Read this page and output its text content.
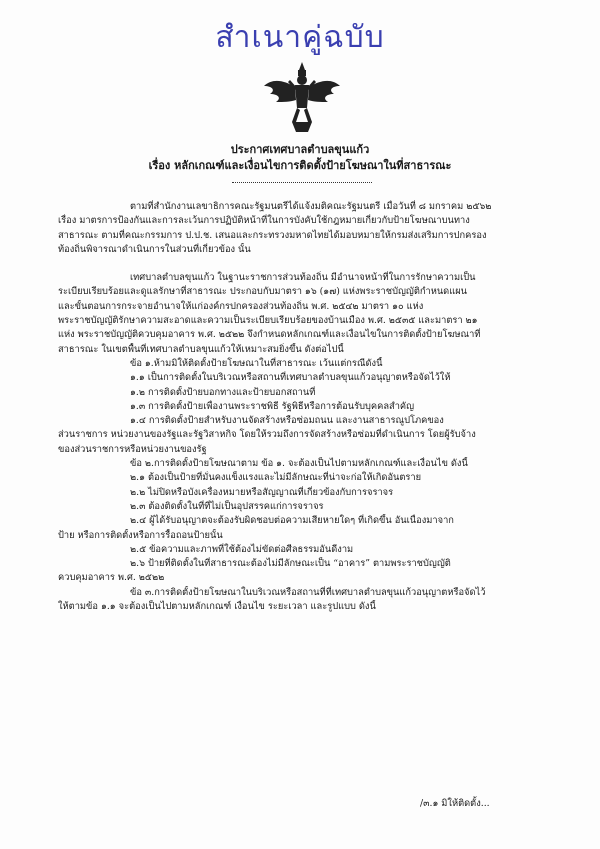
สำเนาคู่ฉบับ
ประกาศเทศบาลตำบลขุนแก้ว
เรื่อง หลักเกณฑ์และเงื่อนไขการติดตั้งป้ายโฆษณาในที่สาธารณะ

ตามที่สำนักงานเลขาธิการคณะรัฐมนตรีได้แจ้งมติคณะรัฐมนตรี เมื่อวันที่ ๘ มกราคม ๒๕๖๒

เรื่อง มาตรการป้องกันและการละเว้นการปฏิบัติหน้าที่ในการบังคับใช้กฎหมายเกี่ยวกับป้ายโฆษณาบนทาง

สาธารณะ ตามที่คณะกรรมการ ป.ป.ช. เสนอและกระทรวงมหาดไทยได้มอบหมายให้กรมส่งเสริมการปกครอง

ท้องถิ่นพิจารณาดำเนินการในส่วนที่เกี่ยวข้อง นั้น

เทศบาลตำบลขุนแก้ว ในฐานะราชการส่วนท้องถิ่น มีอำนาจหน้าที่ในการรักษาความเป็น

ระเบียบเรียบร้อยและดูแลรักษาที่สาธารณะ ประกอบกับมาตรา ๑๖ (๑๗) แห่งพระราชบัญญัติกำหนดแผน

และขั้นตอนการกระจายอำนาจให้แก่องค์กรปกครองส่วนท้องถิ่น พ.ศ. ๒๕๔๒ มาตรา ๑๐ แห่ง

พระราชบัญญัติรักษาความสะอาดและความเป็นระเบียบเรียบร้อยของบ้านเมือง พ.ศ. ๒๕๓๕ และมาตรา ๒๑

แห่ง พระราชบัญญัติควบคุมอาคาร พ.ศ. ๒๕๒๒ จึงกำหนดหลักเกณฑ์และเงื่อนไขในการติดตั้งป้ายโฆษณาที่

สาธารณะ ในเขตพื้นที่เทศบาลตำบลขุนแก้วให้เหมาะสมยิ่งขึ้น ดังต่อไปนี้

ข้อ ๑.ห้ามมิให้ติดตั้งป้ายโฆษณาในที่สาธารณะ เว้นแต่กรณีดังนี้

๑.๑ เป็นการติดตั้งในบริเวณหรือสถานที่เทศบาลตำบลขุนแก้วอนุญาตหรือจัดไว้ให้

๑.๒ การติดตั้งป้ายบอกทางและป้ายบอกสถานที่

๑.๓ การติดตั้งป้ายเพื่องานพระราชพิธี รัฐพิธีหรือการต้อนรับบุคคลสำคัญ

๑.๔ การติดตั้งป้ายสำหรับงานจัดสร้างหรือซ่อมถนน และงานสาธารณูปโภคของ

ส่วนราชการ หน่วยงานของรัฐและรัฐวิสาหกิจ โดยให้รวมถึงการจัดสร้างหรือซ่อมที่ดำเนินการ โดยผู้รับจ้าง

ของส่วนราชการหรือหน่วยงานของรัฐ

ข้อ ๒.การติดตั้งป้ายโฆษณาตาม ข้อ ๑. จะต้องเป็นไปตามหลักเกณฑ์และเงื่อนไข ดังนี้

๒.๑ ต้องเป็นป้ายที่มั่นคงแข็งแรงและไม่มีลักษณะที่น่าจะก่อให้เกิดอันตราย

๒.๒ ไม่ปิดหรือบังเครื่องหมายหรือสัญญาณที่เกี่ยวข้องกับการจราจร

๒.๓ ต้องติดตั้งในที่ที่ไม่เป็นอุปสรรคแก่การจราจร

๒.๔ ผู้ได้รับอนุญาตจะต้องรับผิดชอบต่อความเสียหายใดๆ ที่เกิดขึ้น อันเนื่องมาจาก

ป้าย หรือการติดตั้งหรือการรื้อถอนป้ายนั้น

๒.๕ ข้อความและภาพที่ใช้ต้องไม่ขัดต่อศีลธรรมอันดีงาม

๒.๖ ป้ายที่ติดตั้งในที่สาธารณะต้องไม่มีลักษณะเป็น “อาคาร” ตามพระราชบัญญัติ

ควบคุมอาคาร พ.ศ. ๒๕๒๒

ข้อ ๓.การติดตั้งป้ายโฆษณาในบริเวณหรือสถานที่ที่เทศบาลตำบลขุนแก้วอนุญาตหรือจัดไว้

ให้ตามข้อ ๑.๑ จะต้องเป็นไปตามหลักเกณฑ์ เงื่อนไข ระยะเวลา และรูปแบบ ดังนี้

/๓.๑ มิให้ติดตั้ง...
